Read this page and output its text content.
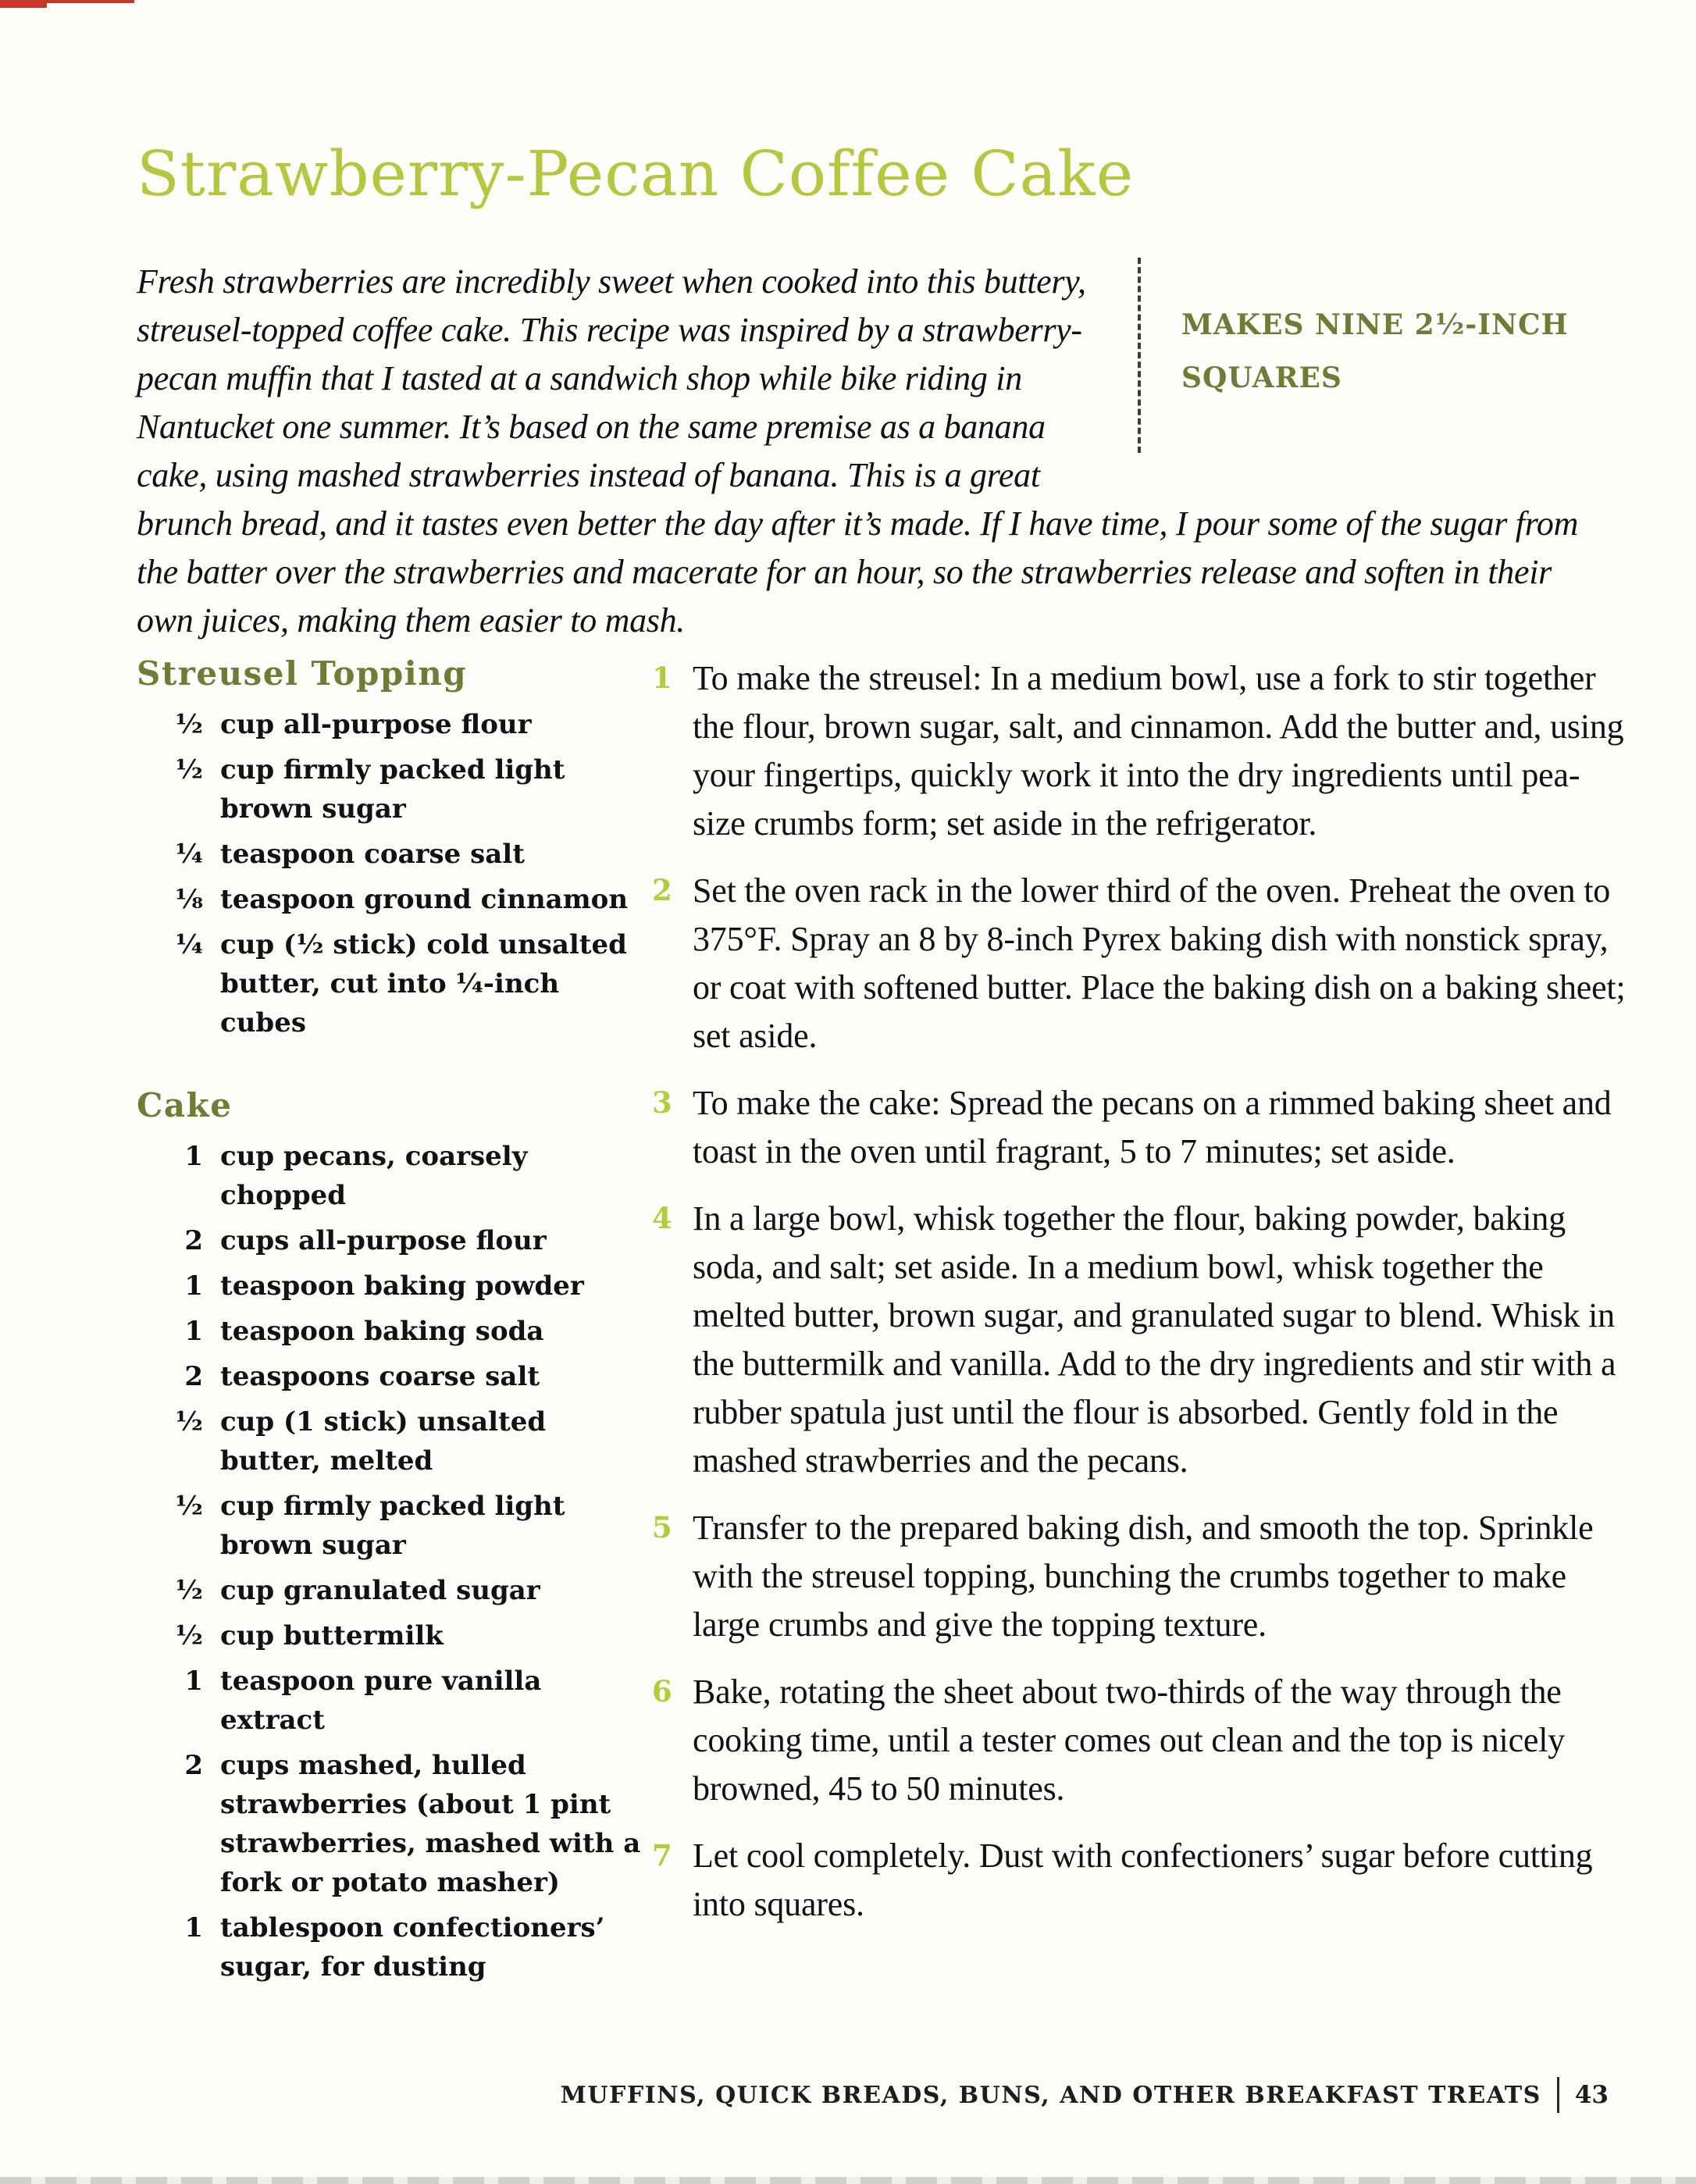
Strawberry-Pecan Coffee Cake

MAKES NINE 2½-INCH
SQUARES
Fresh strawberries are incredibly sweet when cooked into this buttery, streusel-topped coffee cake. This recipe was inspired by a strawberry-pecan muffin that I tasted at a sandwich shop while bike riding in Nantucket one summer. It’s based on the same premise as a banana cake, using mashed strawberries instead of banana. This is a great brunch bread, and it tastes even better the day after it’s made. If I have time, I pour some of the sugar from the batter over the strawberries and macerate for an hour, so the strawberries release and soften in their own juices, making them easier to mash.

Streusel Topping
½ cup all-purpose flour
½ cup firmly packed light brown sugar
¼ teaspoon coarse salt
⅛ teaspoon ground cinnamon
¼ cup (½ stick) cold unsalted butter, cut into ¼-inch cubes
Cake
1 cup pecans, coarsely chopped
2 cups all-purpose flour
1 teaspoon baking powder
1 teaspoon baking soda
2 teaspoons coarse salt
½ cup (1 stick) unsalted butter, melted
½ cup firmly packed light brown sugar
½ cup granulated sugar
½ cup buttermilk
1 teaspoon pure vanilla extract
2 cups mashed, hulled strawberries (about 1 pint strawberries, mashed with a fork or potato masher)
1 tablespoon confectioners’ sugar, for dusting
1 To make the streusel: In a medium bowl, use a fork to stir together the flour, brown sugar, salt, and cinnamon. Add the butter and, using your fingertips, quickly work it into the dry ingredients until pea-size crumbs form; set aside in the refrigerator.
2 Set the oven rack in the lower third of the oven. Preheat the oven to 375°F. Spray an 8 by 8-inch Pyrex baking dish with nonstick spray, or coat with softened butter. Place the baking dish on a baking sheet; set aside.
3 To make the cake: Spread the pecans on a rimmed baking sheet and toast in the oven until fragrant, 5 to 7 minutes; set aside.
4 In a large bowl, whisk together the flour, baking powder, baking soda, and salt; set aside. In a medium bowl, whisk together the melted butter, brown sugar, and granulated sugar to blend. Whisk in the buttermilk and vanilla. Add to the dry ingredients and stir with a rubber spatula just until the flour is absorbed. Gently fold in the mashed strawberries and the pecans.
5 Transfer to the prepared baking dish, and smooth the top. Sprinkle with the streusel topping, bunching the crumbs together to make large crumbs and give the topping texture.
6 Bake, rotating the sheet about two-thirds of the way through the cooking time, until a tester comes out clean and the top is nicely browned, 45 to 50 minutes.
7 Let cool completely. Dust with confectioners’ sugar before cutting into squares.
MUFFINS, QUICK BREADS, BUNS, AND OTHER BREAKFAST TREATS 43
